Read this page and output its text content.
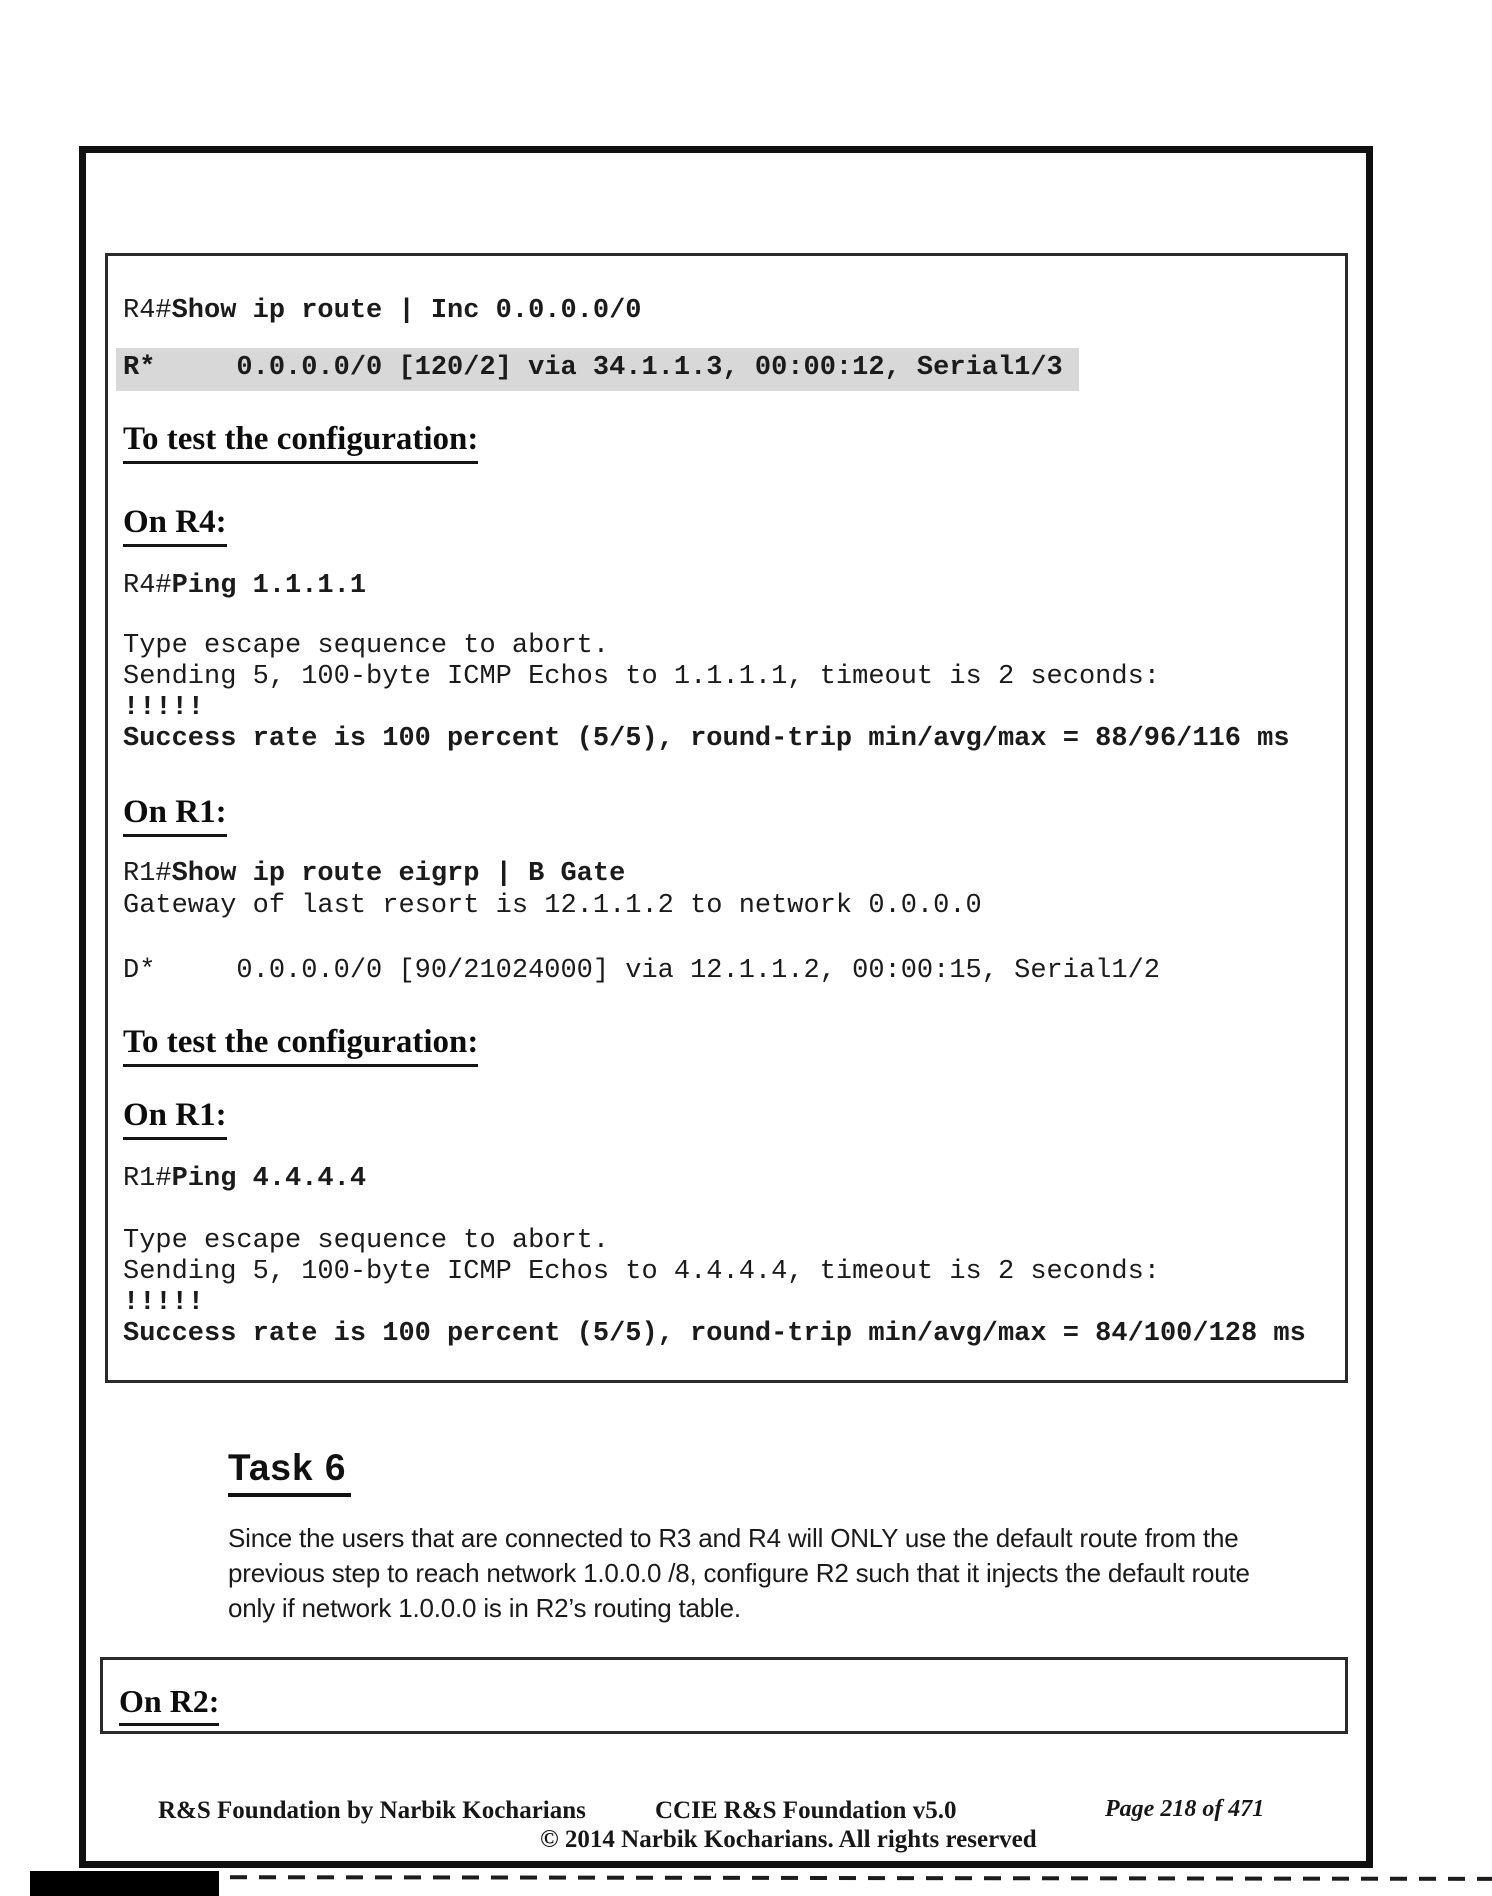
R4#Show ip route | Inc 0.0.0.0/0
R*     0.0.0.0/0 [120/2] via 34.1.1.3, 00:00:12, Serial1/3
To test the configuration:
On R4:
R4#Ping 1.1.1.1
Type escape sequence to abort.
Sending 5, 100-byte ICMP Echos to 1.1.1.1, timeout is 2 seconds:
!!!!!
Success rate is 100 percent (5/5), round-trip min/avg/max = 88/96/116 ms
On R1:
R1#Show ip route eigrp | B Gate
Gateway of last resort is 12.1.1.2 to network 0.0.0.0
D*     0.0.0.0/0 [90/21024000] via 12.1.1.2, 00:00:15, Serial1/2
To test the configuration:
On R1:
R1#Ping 4.4.4.4
Type escape sequence to abort.
Sending 5, 100-byte ICMP Echos to 4.4.4.4, timeout is 2 seconds:
!!!!!
Success rate is 100 percent (5/5), round-trip min/avg/max = 84/100/128 ms
Task 6
Since the users that are connected to R3 and R4 will ONLY use the default route from the
previous step to reach network 1.0.0.0 /8, configure R2 such that it injects the default route
only if network 1.0.0.0 is in R2’s routing table.
On R2:
R&S Foundation by Narbik Kocharians	CCIE R&S Foundation v5.0	Page 218 of 471
© 2014 Narbik Kocharians. All rights reserved
